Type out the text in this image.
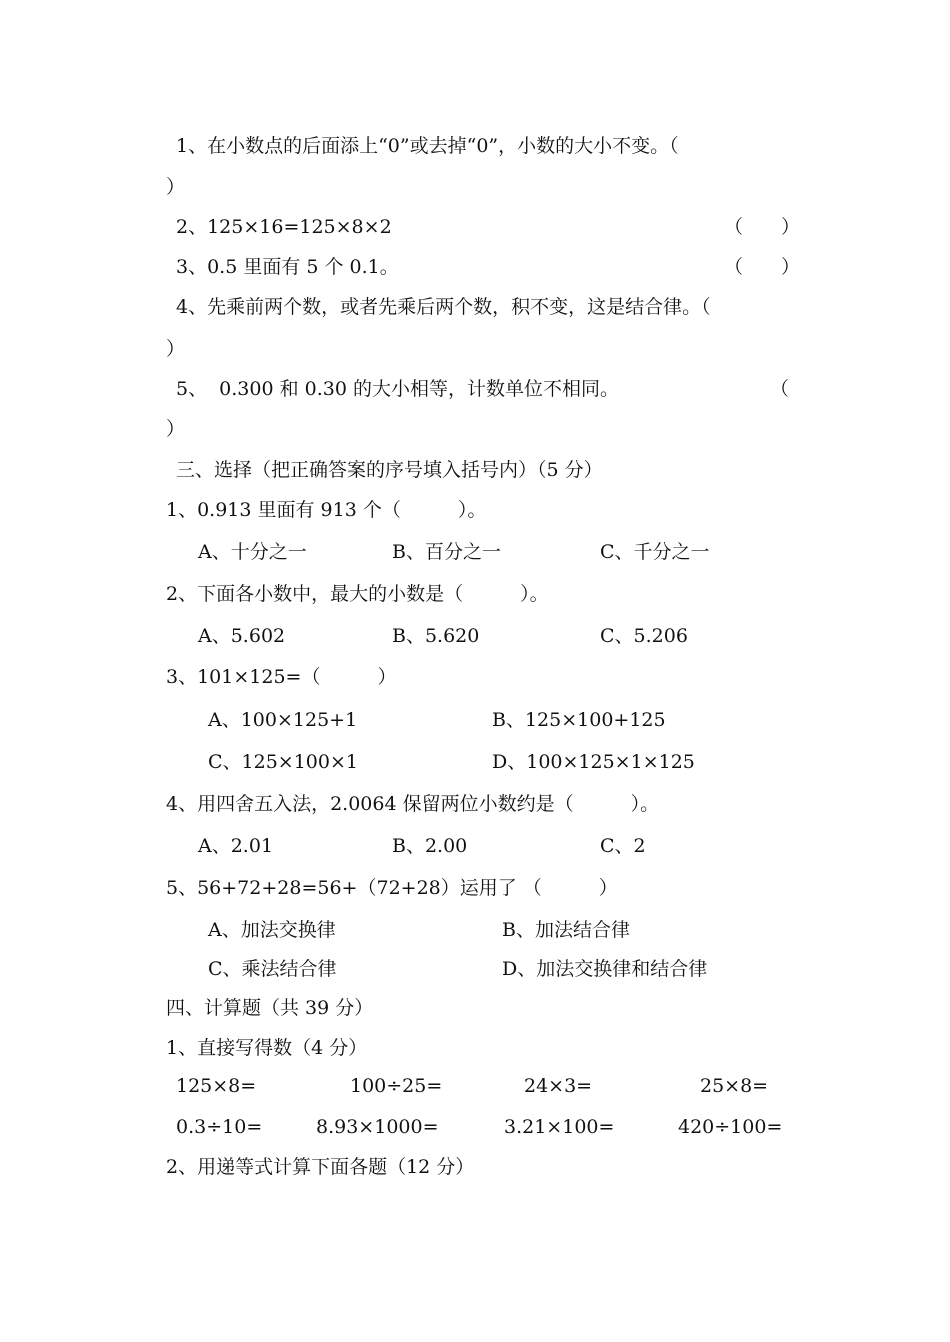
1、在小数点的后面添上“0”或去掉“0”，小数的大小不变。（
）
2、125×16=125×8×2	（　　）
3、0.5 里面有 5 个 0.1。	（　　）
4、先乘前两个数，或者先乘后两个数，积不变，这是结合律。（
）
5、  0.300 和 0.30 的大小相等，计数单位不相同。	（
）
三、选择（把正确答案的序号填入括号内）（5 分）
1、0.913 里面有 913 个（　　　）。
A、十分之一	B、百分之一	C、千分之一
2、下面各小数中，最大的小数是（　　　）。
A、5.602	B、5.620	C、5.206
3、101×125=（　　　）
A、100×125+1	B、125×100+125
C、125×100×1	D、100×125×1×125
4、用四舍五入法，2.0064 保留两位小数约是（　　　）。
A、2.01	B、2.00	C、2
5、56+72+28=56+（72+28）运用了 （　　　）
A、加法交换律	B、加法结合律
C、乘法结合律	D、加法交换律和结合律
四、计算题（共 39 分）
1、直接写得数（4 分）
125×8=	100÷25=	24×3=	25×8=
0.3÷10=	8.93×1000=	3.21×100=	420÷100=
2、用递等式计算下面各题（12 分）
